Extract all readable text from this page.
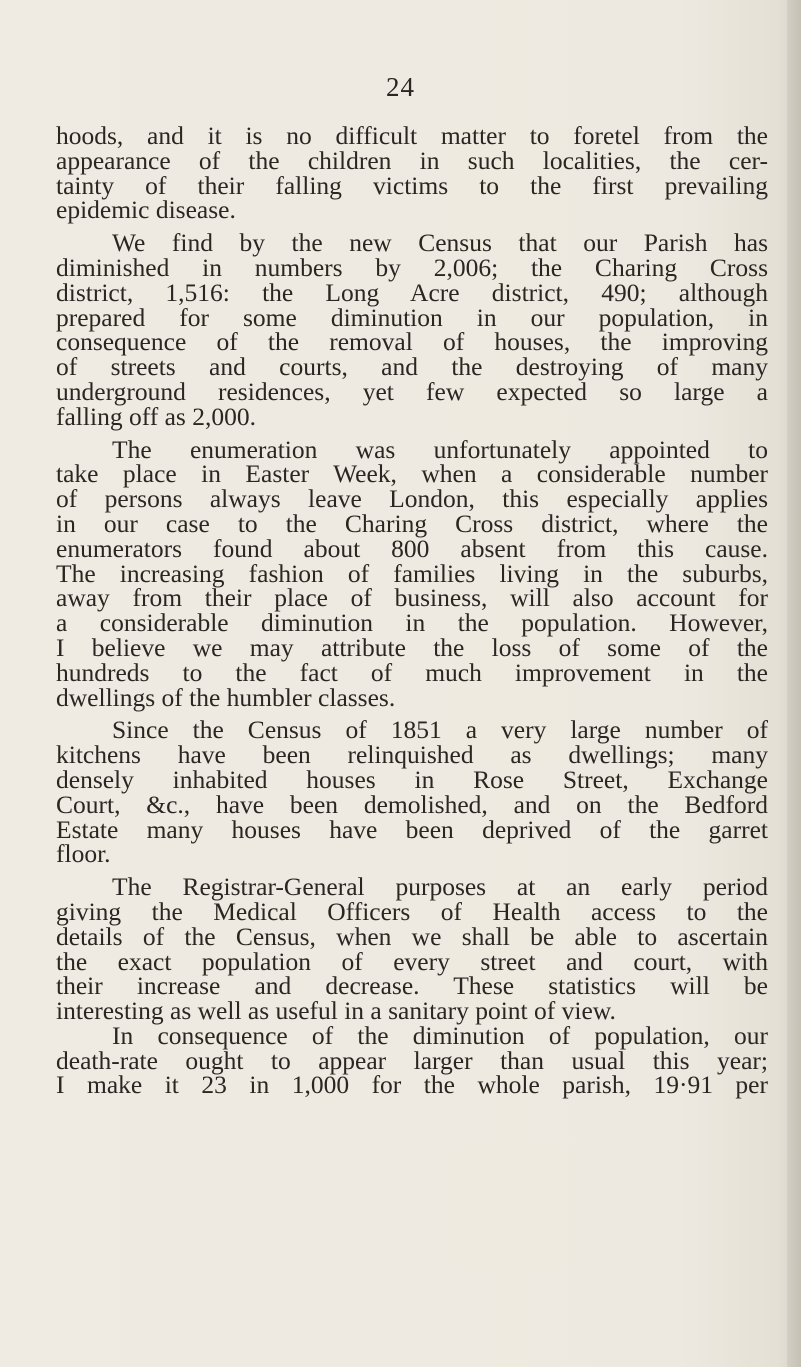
24
hoods, and it is no difficult matter to foretel from the
appearance of the children in such localities, the cer-
tainty of their falling victims to the first prevailing
epidemic disease.
We find by the new Census that our Parish has
diminished in numbers by 2,006; the Charing Cross
district, 1,516: the Long Acre district, 490; although
prepared for some diminution in our population, in
consequence of the removal of houses, the improving
of streets and courts, and the destroying of many
underground residences, yet few expected so large a
falling off as 2,000.
The enumeration was unfortunately appointed to
take place in Easter Week, when a considerable number
of persons always leave London, this especially applies
in our case to the Charing Cross district, where the
enumerators found about 800 absent from this cause.
The increasing fashion of families living in the suburbs,
away from their place of business, will also account for
a considerable diminution in the population. However,
I believe we may attribute the loss of some of the
hundreds to the fact of much improvement in the
dwellings of the humbler classes.
Since the Census of 1851 a very large number of
kitchens have been relinquished as dwellings; many
densely inhabited houses in Rose Street, Exchange
Court, &c., have been demolished, and on the Bedford
Estate many houses have been deprived of the garret
floor.
The Registrar-General purposes at an early period
giving the Medical Officers of Health access to the
details of the Census, when we shall be able to ascertain
the exact population of every street and court, with
their increase and decrease. These statistics will be
interesting as well as useful in a sanitary point of view.
In consequence of the diminution of population, our
death-rate ought to appear larger than usual this year;
I make it 23 in 1,000 for the whole parish, 19·91 per
